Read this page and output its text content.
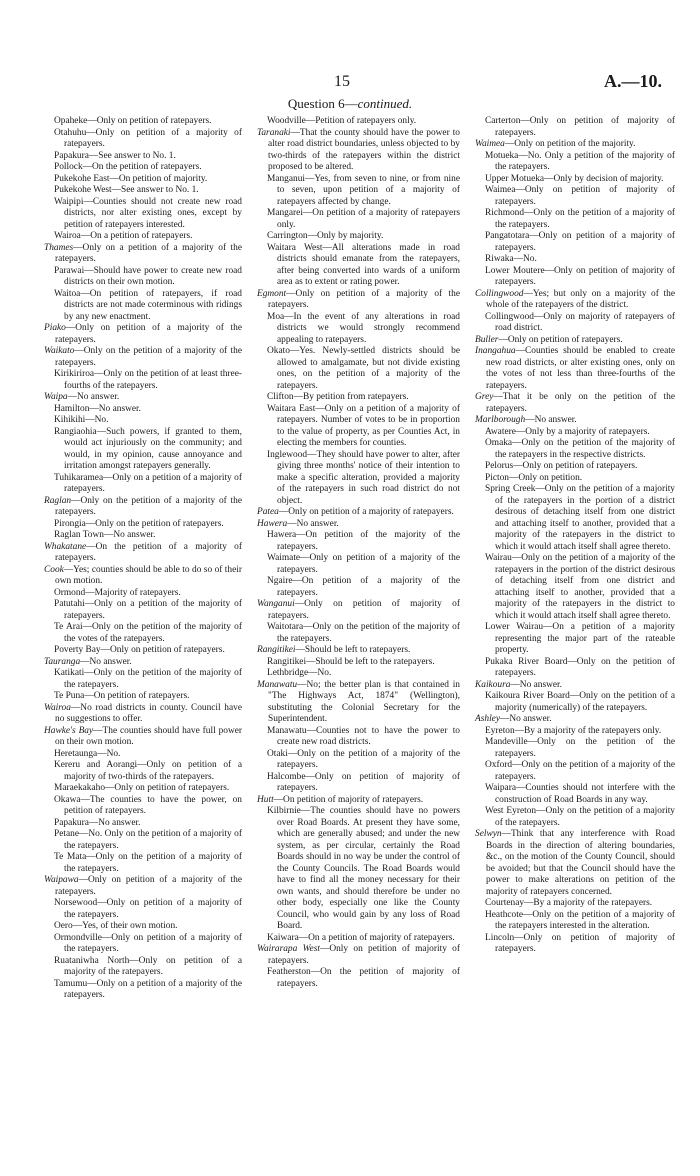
15	A.—10.
Question 6—continued.

Opaheke—Only on petition of ratepayers.

Otahuhu—Only on petition of a majority of ratepayers.

Papakura—See answer to No. 1.

Pollock—On the petition of ratepayers.

Pukekohe East—On petition of majority.

Pukekohe West—See answer to No. 1.

Waipipi—Counties should not create new road districts, nor alter existing ones, except by petition of ratepayers interested.

Wairoa—On a petition of ratepayers.

Thames—Only on a petition of a majority of the ratepayers.

Parawai—Should have power to create new road districts on their own motion.

Waitoa—On petition of ratepayers, if road districts are not made coterminous with ridings by any new enactment.

Piako—Only on petition of a majority of the ratepayers.

Waikato—Only on the petition of a majority of the ratepayers.

Kirikiriroa—Only on the petition of at least three-fourths of the ratepayers.

Waipa—No answer.

Hamilton—No answer.

Kihikihi—No.

Rangiaohia—Such powers, if granted to them, would act injuriously on the community; and would, in my opinion, cause annoyance and irritation amongst ratepayers generally.

Tuhikaramea—Only on a petition of a majority of ratepayers.

Raglan—Only on the petition of a majority of the ratepayers.

Pirongia—Only on the petition of ratepayers.

Raglan Town—No answer.

Whakatane—On the petition of a majority of ratepayers.

Cook—Yes; counties should be able to do so of their own motion.

Ormond—Majority of ratepayers.

Patutahi—Only on a petition of the majority of ratepayers.

Te Arai—Only on the petition of the majority of the votes of the ratepayers.

Poverty Bay—Only on petition of ratepayers.

Tauranga—No answer.

Katikati—Only on the petition of the majority of the ratepayers.

Te Puna—On petition of ratepayers.

Wairoa—No road districts in county. Council have no suggestions to offer.

Hawke's Bay—The counties should have full power on their own motion.

Heretaunga—No.

Kereru and Aorangi—Only on petition of a majority of two-thirds of the ratepayers.

Maraekakaho—Only on petition of ratepayers.

Okawa—The counties to have the power, on petition of ratepayers.

Papakura—No answer.

Petane—No. Only on the petition of a majority of the ratepayers.

Te Mata—Only on the petition of a majority of the ratepayers.

Waipawa—Only on petition of a majority of the ratepayers.

Norsewood—Only on petition of a majority of the ratepayers.

Oero—Yes, of their own motion.

Ormondville—Only on petition of a majority of the ratepayers.

Ruataniwha North—Only on petition of a majority of the ratepayers.

Tamumu—Only on a petition of a majority of the ratepayers.

Woodville—Petition of ratepayers only.

Taranaki—That the county should have the power to alter road district boundaries, unless objected to by two-thirds of the ratepayers within the district proposed to be altered.

Manganui—Yes, from seven to nine, or from nine to seven, upon petition of a majority of ratepayers affected by change.

Mangarei—On petition of a majority of ratepayers only.

Carrington—Only by majority.

Waitara West—All alterations made in road districts should emanate from the ratepayers, after being converted into wards of a uniform area as to extent or rating power.

Egmont—Only on petition of a majority of the ratepayers.

Moa—In the event of any alterations in road districts we would strongly recommend appealing to ratepayers.

Okato—Yes. Newly-settled districts should be allowed to amalgamate, but not divide existing ones, on the petition of a majority of the ratepayers.

Clifton—By petition from ratepayers.

Waitara East—Only on a petition of a majority of ratepayers. Number of votes to be in proportion to the value of property, as per Counties Act, in electing the members for counties.

Inglewood—They should have power to alter, after giving three months' notice of their intention to make a specific alteration, provided a majority of the ratepayers in such road district do not object.

Patea—Only on petition of a majority of ratepayers.

Hawera—No answer.

Hawera—On petition of the majority of the ratepayers.

Waimate—Only on petition of a majority of the ratepayers.

Ngaire—On petition of a majority of the ratepayers.

Wanganui—Only on petition of majority of ratepayers.

Waitotara—Only on the petition of the majority of the ratepayers.

Rangitikei—Should be left to ratepayers.

Rangitikei—Should be left to the ratepayers.

Lethbridge—No.

Manawatu—No; the better plan is that contained in "The Highways Act, 1874" (Wellington), substituting the Colonial Secretary for the Superintendent.

Manawatu—Counties not to have the power to create new road districts.

Otaki—Only on the petition of a majority of the ratepayers.

Halcombe—Only on petition of majority of ratepayers.

Hutt—On petition of majority of ratepayers.

Kilbirnie—The counties should have no powers over Road Boards. At present they have some, which are generally abused; and under the new system, as per circular, certainly the Road Boards should in no way be under the control of the County Councils. The Road Boards would have to find all the money necessary for their own wants, and should therefore be under no other body, especially one like the County Council, who would gain by any loss of Road Board.

Kaiwara—On a petition of majority of ratepayers.

Wairarapa West—Only on petition of majority of ratepayers.

Featherston—On the petition of majority of ratepayers.

Carterton—Only on petition of majority of ratepayers.

Waimea—Only on petition of the majority.

Motueka—No. Only a petition of the majority of the ratepayers.

Upper Motueka—Only by decision of majority.

Waimea—Only on petition of majority of ratepayers.

Richmond—Only on the petition of a majority of the ratepayers.

Pangatotara—Only on petition of a majority of ratepayers.

Riwaka—No.

Lower Moutere—Only on petition of majority of ratepayers.

Collingwood—Yes; but only on a majority of the whole of the ratepayers of the district.

Collingwood—Only on majority of ratepayers of road district.

Buller—Only on petition of ratepayers.

Inangahua—Counties should be enabled to create new road districts, or alter existing ones, only on the votes of not less than three-fourths of the ratepayers.

Grey—That it be only on the petition of the ratepayers.

Marlborough—No answer.

Awatere—Only by a majority of ratepayers.

Omaka—Only on the petition of the majority of the ratepayers in the respective districts.

Pelorus—Only on petition of ratepayers.

Picton—Only on petition.

Spring Creek—Only on the petition of a majority of the ratepayers in the portion of a district desirous of detaching itself from one district and attaching itself to another, provided that a majority of the ratepayers in the district to which it would attach itself shall agree thereto.

Wairau—Only on the petition of a majority of the ratepayers in the portion of the district desirous of detaching itself from one district and attaching itself to another, provided that a majority of the ratepayers in the district to which it would attach itself shall agree thereto.

Lower Wairau—On a petition of a majority representing the major part of the rateable property.

Pukaka River Board—Only on the petition of ratepayers.

Kaikoura—No answer.

Kaikoura River Board—Only on the petition of a majority (numerically) of the ratepayers.

Ashley—No answer.

Eyreton—By a majority of the ratepayers only.

Mandeville—Only on the petition of the ratepayers.

Oxford—Only on the petition of a majority of the ratepayers.

Waipara—Counties should not interfere with the construction of Road Boards in any way.

West Eyreton—Only on the petition of a majority of the ratepayers.

Selwyn—Think that any interference with Road Boards in the direction of altering boundaries, &c., on the motion of the County Council, should be avoided; but that the Council should have the power to make alterations on petition of the majority of ratepayers concerned.

Courtenay—By a majority of the ratepayers.

Heathcote—Only on the petition of a majority of the ratepayers interested in the alteration.

Lincoln—Only on petition of majority of ratepayers.
